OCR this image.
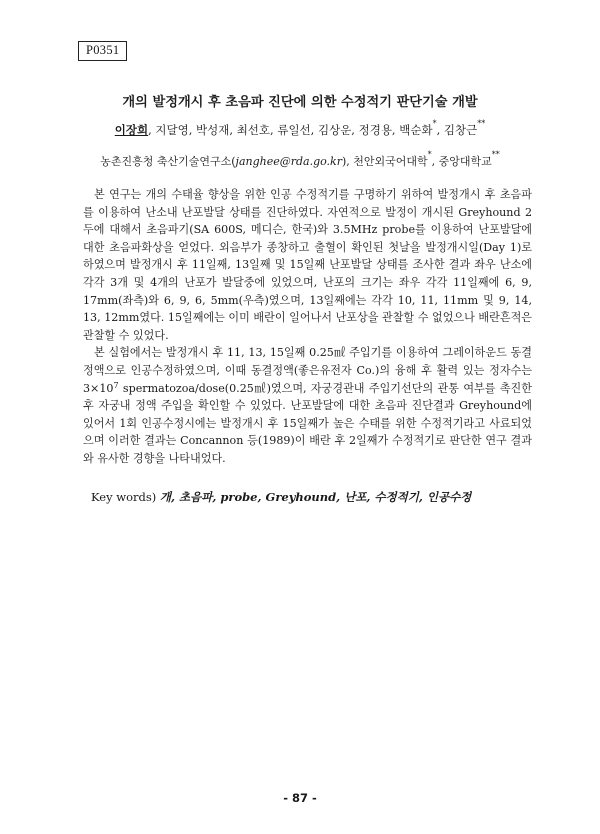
P0351
개의 발정개시 후 초음파 진단에 의한 수정적기 판단기술 개발
이장희, 지달영, 박성재, 최선호, 류일선, 김상운, 정경용, 백순화*, 김창근**
농촌진흥청 축산기술연구소(janghee@rda.go.kr), 천안외국어대학*, 중앙대학교**

본 연구는 개의 수태율 향상을 위한 인공 수정적기를 구명하기 위하여 발정개시 후 초음파를 이용하여 난소내 난포발달 상태를 진단하였다. 자연적으로 발정이 개시된 Greyhound 2두에 대해서 초음파기(SA 600S, 메디슨, 한국)와 3.5MHz probe를 이용하여 난포발달에 대한 초음파화상을 얻었다. 외음부가 종창하고 출혈이 확인된 첫날을 발정개시일(Day 1)로 하였으며 발정개시 후 11일째, 13일째 및 15일째 난포발달 상태를 조사한 결과 좌우 난소에 각각 3개 및 4개의 난포가 발달중에 있었으며, 난포의 크기는 좌우 각각 11일째에 6, 9, 17mm(좌측)와 6, 9, 6, 5mm(우측)였으며, 13일째에는 각각 10, 11, 11mm 및 9, 14, 13, 12mm였다. 15일째에는 이미 배란이 일어나서 난포상을 관찰할 수 없었으나 배란흔적은 관찰할 수 있었다.

본 실험에서는 발정개시 후 11, 13, 15일째 0.25㎖ 주입기를 이용하여 그레이하운드 동결정액으로 인공수정하였으며, 이때 동결정액(좋은유전자 Co.)의 융해 후 활력 있는 정자수는 $3\times 10^7$ spermatozoa/dose(0.25㎖)였으며, 자궁경관내 주입기선단의 관통 여부를 촉진한 후 자궁내 정액 주입을 확인할 수 있었다. 난포발달에 대한 초음파 진단결과 Greyhound에 있어서 1회 인공수정시에는 발정개시 후 15일째가 높은 수태를 위한 수정적기라고 사료되었으며 이러한 결과는 Concannon 등(1989)이 배란 후 2일째가 수정적기로 판단한 연구 결과와 유사한 경향을 나타내었다.

Key words) 개, 초음파, probe, Greyhound, 난포, 수정적기, 인공수정
- 87 -
